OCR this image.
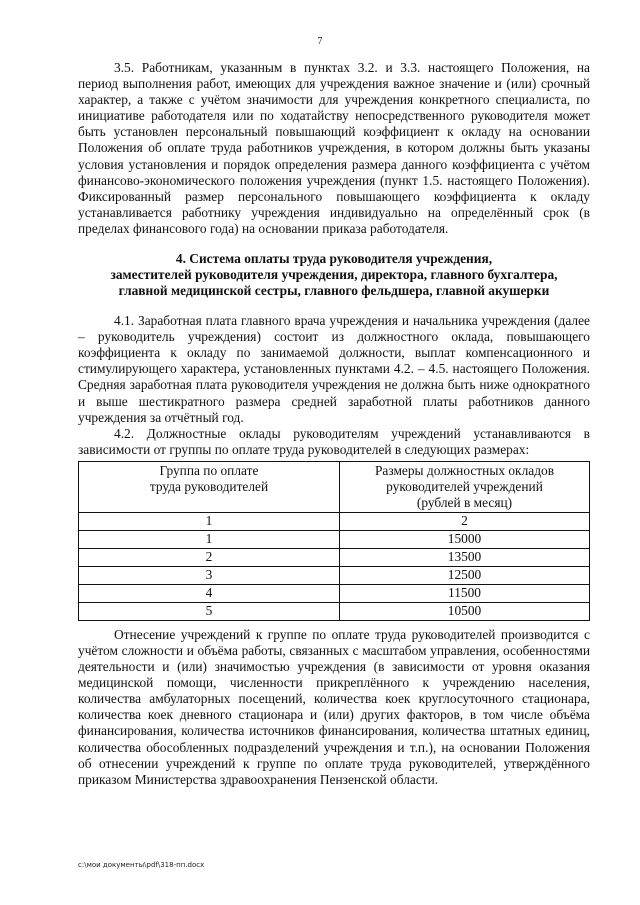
7

3.5. Работникам, указанным в пунктах 3.2. и 3.3. настоящего Положения, на период выполнения работ, имеющих для учреждения важное значение и (или) срочный характер, а также с учётом значимости для учреждения конкретного специалиста, по инициативе работодателя или по ходатайству непосредственного руководителя может быть установлен персональный повышающий коэффициент к окладу на основании Положения об оплате труда работников учреждения, в котором должны быть указаны условия установления и порядок определения размера данного коэффициента с учётом финансово-экономического положения учреждения (пункт 1.5. настоящего Положения). Фиксированный размер персонального повышающего коэффициента к окладу устанавливается работнику учреждения индивидуально на определённый срок (в пределах финансового года) на основании приказа работодателя.

4. Система оплаты труда руководителя учреждения,
заместителей руководителя учреждения, директора, главного бухгалтера,
главной медицинской сестры, главного фельдшера, главной акушерки

4.1. Заработная плата главного врача учреждения и начальника учреждения (далее – руководитель учреждения) состоит из должностного оклада, повышающего коэффициента к окладу по занимаемой должности, выплат компенсационного и стимулирующего характера, установленных пунктами 4.2. – 4.5. настоящего Положения. Средняя заработная плата руководителя учреждения не должна быть ниже однократного и выше шестикратного размера средней заработной платы работников данного учреждения за отчётный год.

4.2. Должностные оклады руководителям учреждений устанавливаются в зависимости от группы по оплате труда руководителей в следующих размерах:

Группа по оплате
труда руководителей	Размеры должностных окладов
руководителей учреждений
(рублей в месяц)

1	2
1	15000
2	13500
3	12500
4	11500
5	10500

Отнесение учреждений к группе по оплате труда руководителей производится с учётом сложности и объёма работы, связанных с масштабом управления, особенностями деятельности и (или) значимостью учреждения (в зависимости от уровня оказания медицинской помощи, численности прикреплённого к учреждению населения, количества амбулаторных посещений, количества коек круглосуточного стационара, количества коек дневного стационара и (или) других факторов, в том числе объёма финансирования, количества источников финансирования, количества штатных единиц, количества обособленных подразделений учреждения и т.п.), на основании Положения об отнесении учреждений к группе по оплате труда руководителей, утверждённого приказом Министерства здравоохранения Пензенской области.

c:\мои документы\pdf\318-пп.docx
